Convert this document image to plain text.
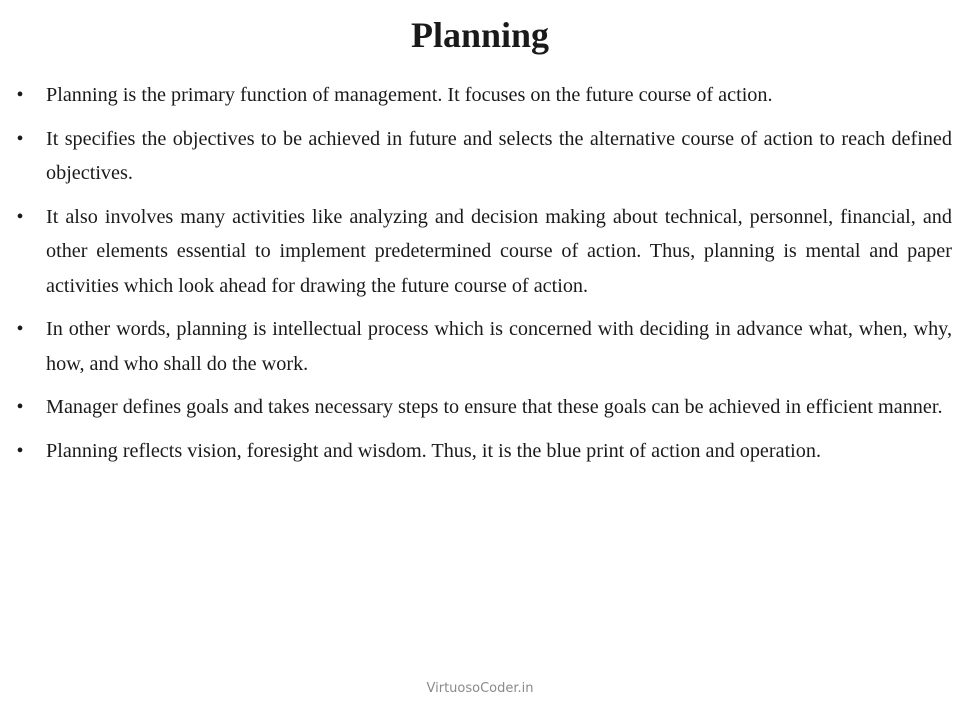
Planning
•	Planning is the primary function of management. It focuses on the future course of action.
•	It specifies the objectives to be achieved in future and selects the alternative course of action to reach defined objectives.
•	It also involves many activities like analyzing and decision making about technical, personnel, financial, and other elements essential to implement predetermined course of action. Thus, planning is mental and paper activities which look ahead for drawing the future course of action.
•	In other words, planning is intellectual process which is concerned with deciding in advance what, when, why, how, and who shall do the work.
•	Manager defines goals and takes necessary steps to ensure that these goals can be achieved in efficient manner.
•	Planning reflects vision, foresight and wisdom. Thus, it is the blue print of action and operation.
VirtuosoCoder.in
